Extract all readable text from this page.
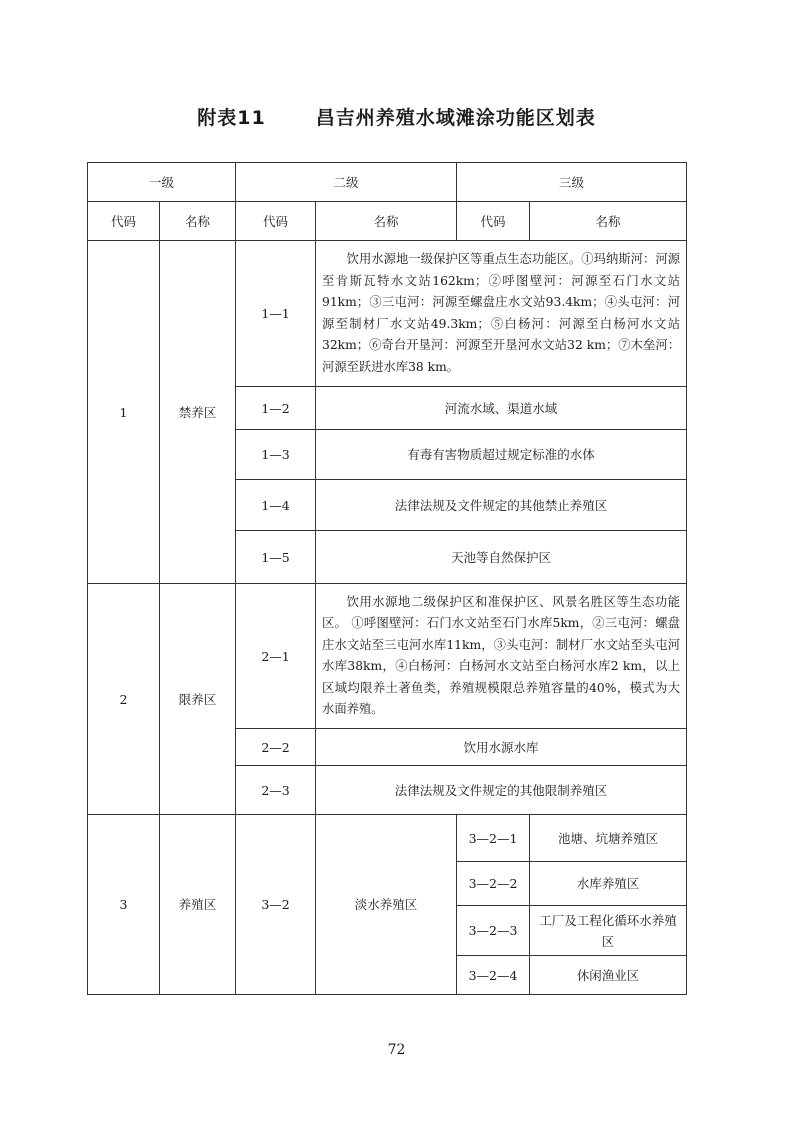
附表11	昌吉州养殖水域滩涂功能区划表
一级		二级		三级	
代码	名称	代码	名称	代码	名称
1	禁养区	1—1	饮用水源地一级保护区等重点生态功能区。①玛纳斯河：河源至肯斯瓦特水文站162km；②呼图壁河：河源至石门水文站91km；③三屯河：河源至螺盘庄水文站93.4km；④头屯河：河源至制材厂水文站49.3km；⑤白杨河：河源至白杨河水文站32km；⑥奇台开垦河：河源至开垦河水文站32 km；⑦木垒河：河源至跃进水库38 km。		

		1—2	河流水域、渠道水域		
		1—3	有毒有害物质超过规定标准的水体		
		1—4	法律法规及文件规定的其他禁止养殖区		
		1—5	天池等自然保护区		
2	限养区	2—1	饮用水源地二级保护区和准保护区、风景名胜区等生态功能区。 ①呼图壁河：石门水文站至石门水库5km，②三屯河：螺盘庄水文站至三屯河水库11km，③头屯河：制材厂水文站至头屯河水库38km，④白杨河：白杨河水文站至白杨河水库2 km，以上区域均限养土著鱼类，养殖规模限总养殖容量的40%，模式为大水面养殖。		

		2—2	饮用水源水库		
		2—3	法律法规及文件规定的其他限制养殖区		
3	养殖区	3—2	淡水养殖区	3—2—1	池塘、坑塘养殖区
				3—2—2	水库养殖区
				3—2—3	工厂及工程化循环水养殖区
				3—2—4	休闲渔业区
72
